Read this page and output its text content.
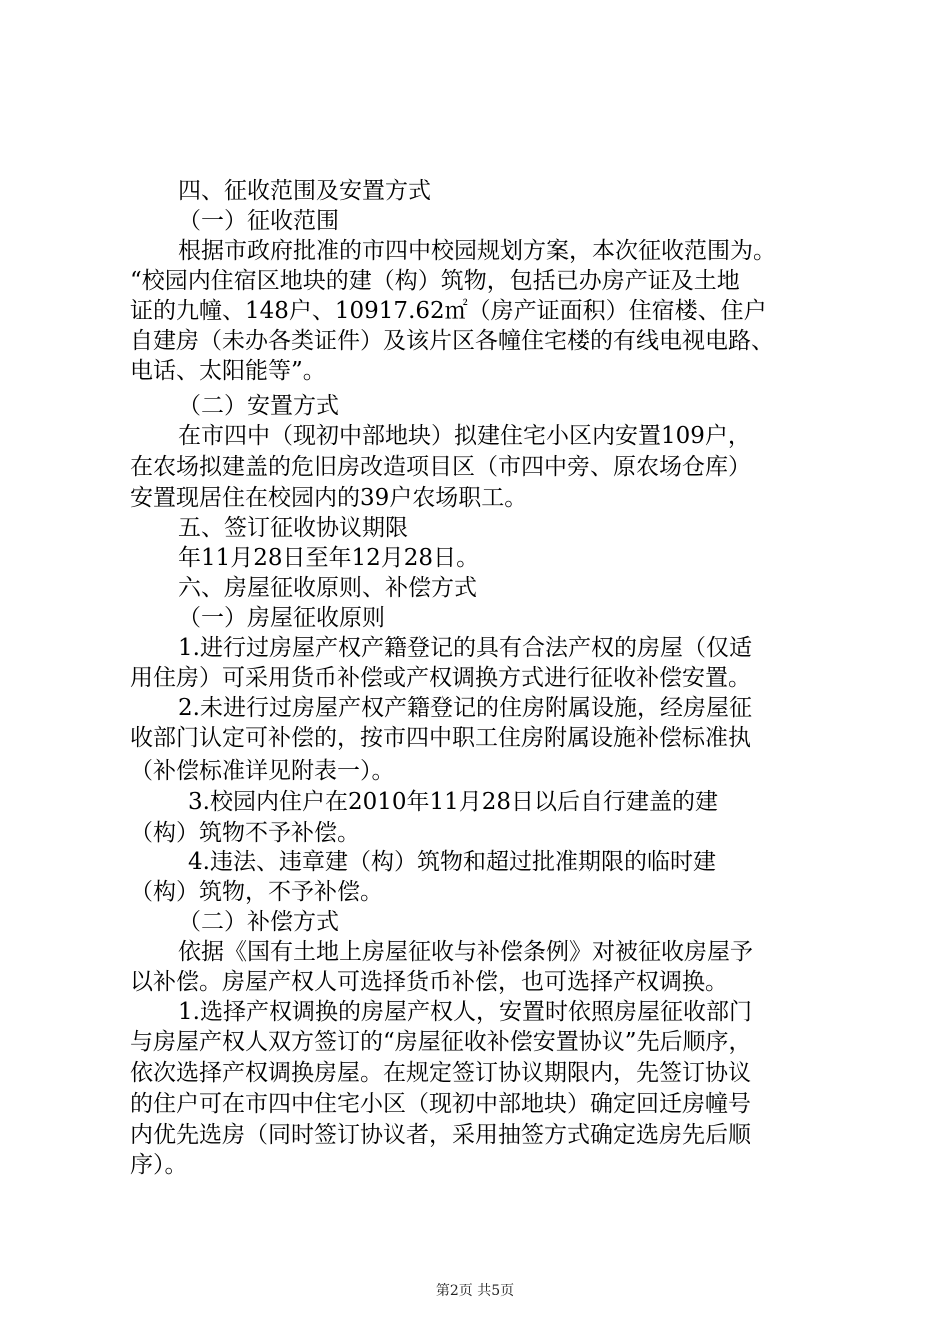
四、征收范围及安置方式
（一）征收范围
根据市政府批准的市四中校园规划方案，本次征收范围为。
“校园内住宿区地块的建（构）筑物，包括已办房产证及土地
证的九幢、148户、10917.62㎡（房产证面积）住宿楼、住户
自建房（未办各类证件）及该片区各幢住宅楼的有线电视电路、
电话、太阳能等”。
（二）安置方式
在市四中（现初中部地块）拟建住宅小区内安置109户，
在农场拟建盖的危旧房改造项目区（市四中旁、原农场仓库）
安置现居住在校园内的39户农场职工。
五、签订征收协议期限
年11月28日至年12月28日。
六、房屋征收原则、补偿方式
（一）房屋征收原则
1.进行过房屋产权产籍登记的具有合法产权的房屋（仅适
用住房）可采用货币补偿或产权调换方式进行征收补偿安置。
2.未进行过房屋产权产籍登记的住房附属设施，经房屋征
收部门认定可补偿的，按市四中职工住房附属设施补偿标准执
（补偿标准详见附表一）。
3.校园内住户在2010年11月28日以后自行建盖的建
（构）筑物不予补偿。
4.违法、违章建（构）筑物和超过批准期限的临时建
（构）筑物，不予补偿。
（二）补偿方式
依据《国有土地上房屋征收与补偿条例》对被征收房屋予
以补偿。房屋产权人可选择货币补偿，也可选择产权调换。
1.选择产权调换的房屋产权人，安置时依照房屋征收部门
与房屋产权人双方签订的“房屋征收补偿安置协议”先后顺序，
依次选择产权调换房屋。在规定签订协议期限内，先签订协议
的住户可在市四中住宅小区（现初中部地块）确定回迁房幢号
内优先选房（同时签订协议者，采用抽签方式确定选房先后顺
序）。
第2页 共5页
